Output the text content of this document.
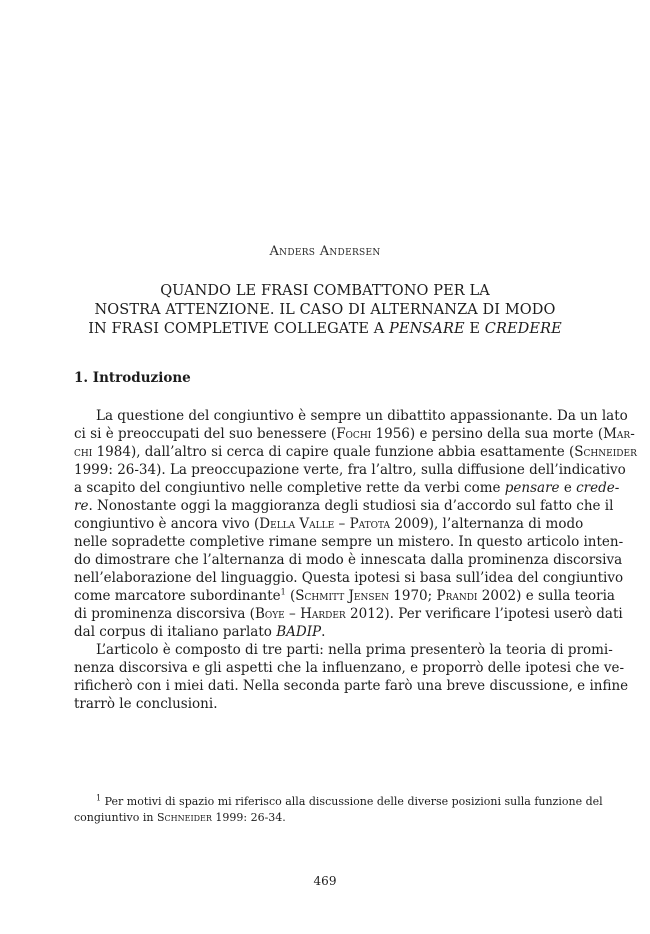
Anders Andersen
QUANDO LE FRASI COMBATTONO PER LA
NOSTRA ATTENZIONE. IL CASO DI ALTERNANZA DI MODO
IN FRASI COMPLETIVE COLLEGATE A PENSARE E CREDERE
1. Introduzione
La questione del congiuntivo è sempre un dibattito appassionante. Da un lato
ci si è preoccupati del suo benessere (Fochi 1956) e persino della sua morte (Mar-
chi 1984), dall’altro si cerca di capire quale funzione abbia esattamente (Schneider
1999: 26-34). La preoccupazione verte, fra l’altro, sulla diffusione dell’indicativo
a scapito del congiuntivo nelle completive rette da verbi come pensare e crede-
re. Nonostante oggi la maggioranza degli studiosi sia d’accordo sul fatto che il
congiuntivo è ancora vivo (Della Valle – Patota 2009), l’alternanza di modo
nelle sopradette completive rimane sempre un mistero. In questo articolo inten-
do dimostrare che l’alternanza di modo è innescata dalla prominenza discorsiva
nell’elaborazione del linguaggio. Questa ipotesi si basa sull’idea del congiuntivo
come marcatore subordinante$^1$ (Schmitt Jensen 1970; Prandi 2002) e sulla teoria
di prominenza discorsiva (Boye – Harder 2012). Per verificare l’ipotesi userò dati
dal corpus di italiano parlato BADIP.
L’articolo è composto di tre parti: nella prima presenterò la teoria di promi-
nenza discorsiva e gli aspetti che la influenzano, e proporrò delle ipotesi che ve-
rificherò con i miei dati. Nella seconda parte farò una breve discussione, e infine
trarrò le conclusioni.
$^1$ Per motivi di spazio mi riferisco alla discussione delle diverse posizioni sulla funzione del
congiuntivo in Schneider 1999: 26-34.
469
